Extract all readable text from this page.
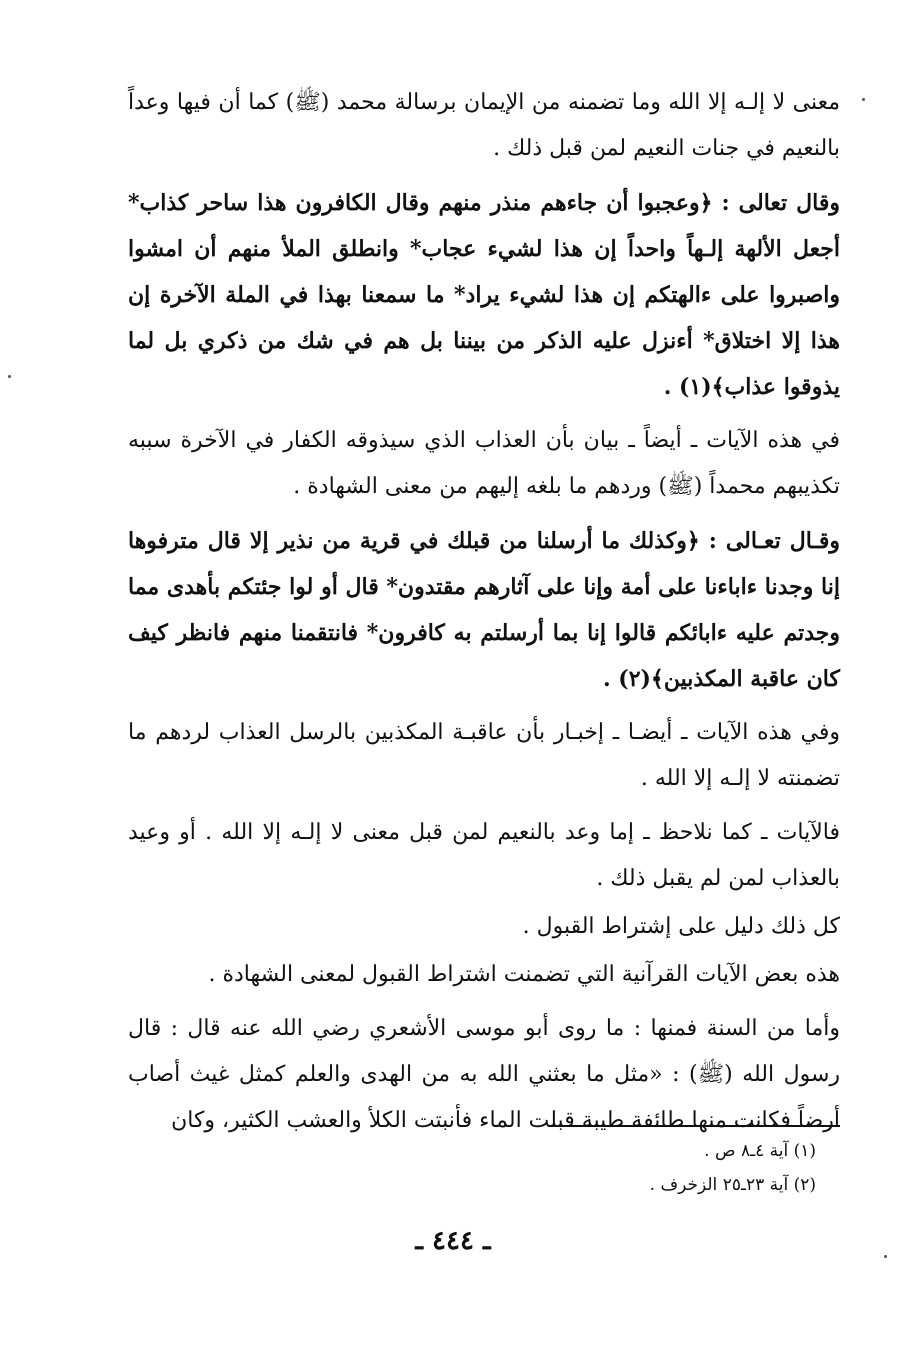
معنى لا إلـه إلا الله وما تضمنه من الإيمان برسالة محمد (ﷺ) كما أن فيها وعداً بالنعيم في جنات النعيم لمن قبل ذلك .

وقال تعالى : ﴿وعجبوا أن جاءهم منذر منهم وقال الكافرون هذا ساحر كذاب* أجعل الألهة إلـهاً واحداً إن هذا لشيء عجاب* وانطلق الملأ منهم أن امشوا واصبروا على ءالهتكم إن هذا لشيء يراد* ما سمعنا بهذا في الملة الآخرة إن هذا إلا اختلاق* أءنزل عليه الذكر من بيننا بل هم في شك من ذكري بل لما يذوقوا عذاب﴾(١) .

في هذه الآيات ـ أيضاً ـ بيان بأن العذاب الذي سيذوقه الكفار في الآخرة سببه تكذيبهم محمداً (ﷺ) وردهم ما بلغه إليهم من معنى الشهادة .

وقـال تعـالى : ﴿وكذلك ما أرسلنا من قبلك في قرية من نذير إلا قال مترفوها إنا وجدنا ءاباءنا على أمة وإنا على آثارهم مقتدون* قال أو لوا جئتكم بأهدى مما وجدتم عليه ءابائكم قالوا إنا بما أرسلتم به كافرون* فانتقمنا منهم فانظر كيف كان عاقبة المكذبين﴾(٢) .

وفي هذه الآيات ـ أيضـا ـ إخبـار بأن عاقبـة المكذبين بالرسل العذاب لردهم ما تضمنته لا إلـه إلا الله .

فالآيات ـ كما نلاحظ ـ إما وعد بالنعيم لمن قبل معنى لا إلـه إلا الله . أو وعيد بالعذاب لمن لم يقبل ذلك .

كل ذلك دليل على إشتراط القبول .

هذه بعض الآيات القرآنية التي تضمنت اشتراط القبول لمعنى الشهادة .

وأما من السنة فمنها : ما روى أبو موسى الأشعري رضي الله عنه قال : قال رسول الله (ﷺ) : «مثل ما بعثني الله به من الهدى والعلم كمثل غيث أصاب أرضاً فكانت منها طائفة طيبة قبلت الماء فأنبتت الكلأ والعشب الكثير، وكان

(١) آية ٤ـ٨ ص .

(٢) آية ٢٣ـ٢٥ الزخرف .

ـ ٤٤٤ ـ
